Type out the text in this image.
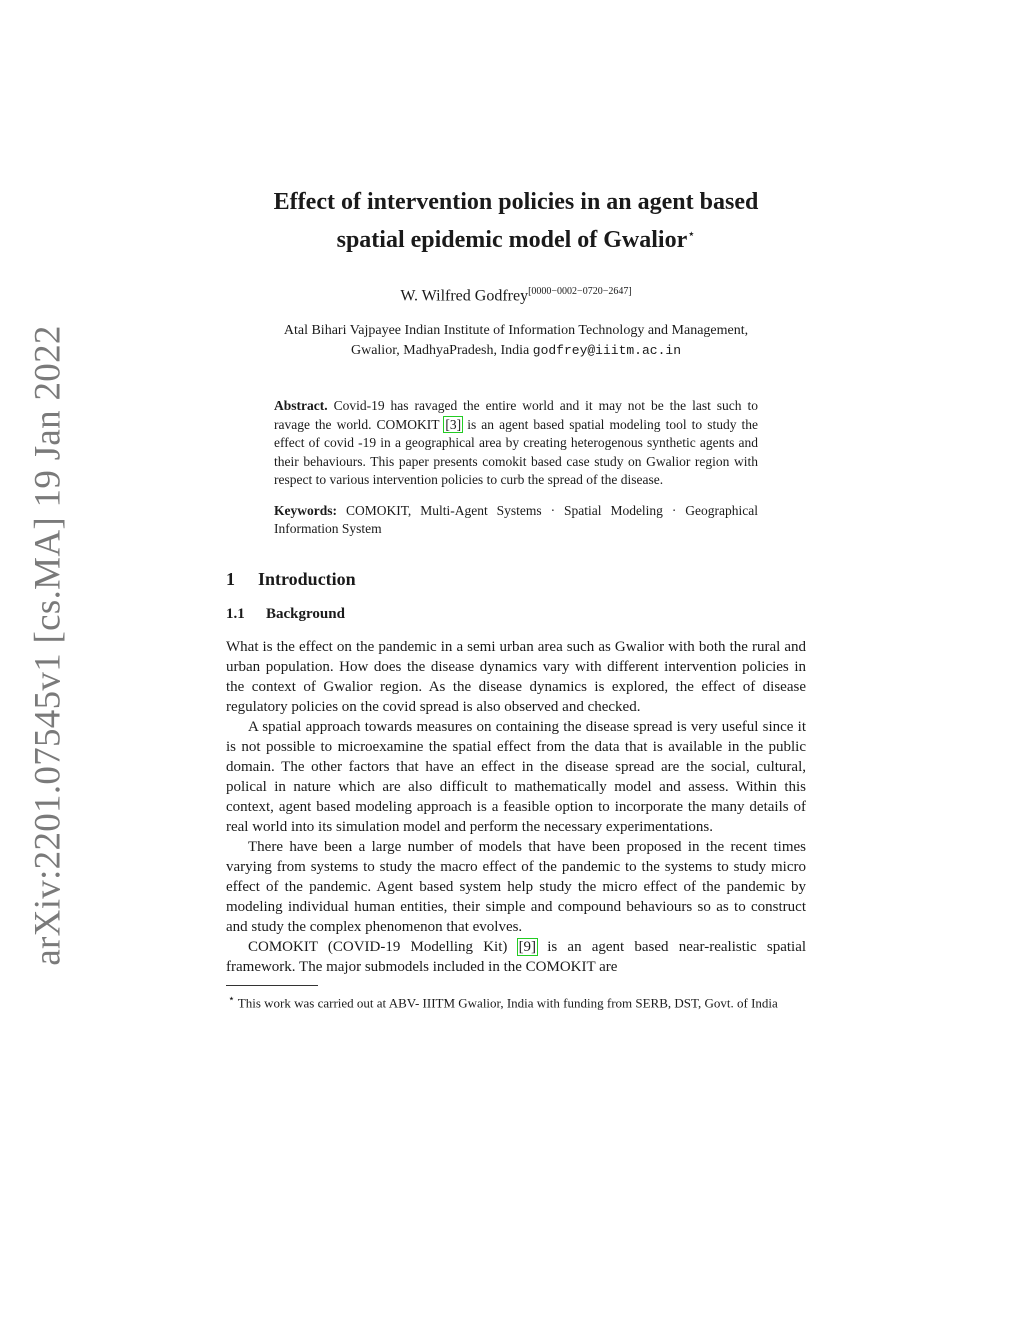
arXiv:2201.07545v1 [cs.MA] 19 Jan 2022
Effect of intervention policies in an agent based
spatial epidemic model of Gwalior⋆
W. Wilfred Godfrey[0000−0002−0720−2647]
Atal Bihari Vajpayee Indian Institute of Information Technology and Management,
Gwalior, MadhyaPradesh, India godfrey@iiitm.ac.in
Abstract. Covid-19 has ravaged the entire world and it may not be the last such to ravage the world. COMOKIT [3] is an agent based spatial modeling tool to study the effect of covid -19 in a geographical area by creating heterogenous synthetic agents and their behaviours. This paper presents comokit based case study on Gwalior region with respect to various intervention policies to curb the spread of the disease.
Keywords: COMOKIT, Multi-Agent Systems · Spatial Modeling · Geographical Information System
1 Introduction
1.1 Background

What is the effect on the pandemic in a semi urban area such as Gwalior with both the rural and urban population. How does the disease dynamics vary with different intervention policies in the context of Gwalior region. As the disease dynamics is explored, the effect of disease regulatory policies on the covid spread is also observed and checked.

A spatial approach towards measures on containing the disease spread is very useful since it is not possible to microexamine the spatial effect from the data that is available in the public domain. The other factors that have an effect in the disease spread are the social, cultural, polical in nature which are also difficult to mathematically model and assess. Within this context, agent based modeling approach is a feasible option to incorporate the many details of real world into its simulation model and perform the necessary experimentations.

There have been a large number of models that have been proposed in the recent times varying from systems to study the macro effect of the pandemic to the systems to study micro effect of the pandemic. Agent based system help study the micro effect of the pandemic by modeling individual human entities, their simple and compound behaviours so as to construct and study the complex phenomenon that evolves.

COMOKIT (COVID-19 Modelling Kit) [9] is an agent based near-realistic spatial framework. The major submodels included in the COMOKIT are

⋆ This work was carried out at ABV- IIITM Gwalior, India with funding from SERB, DST, Govt. of India
